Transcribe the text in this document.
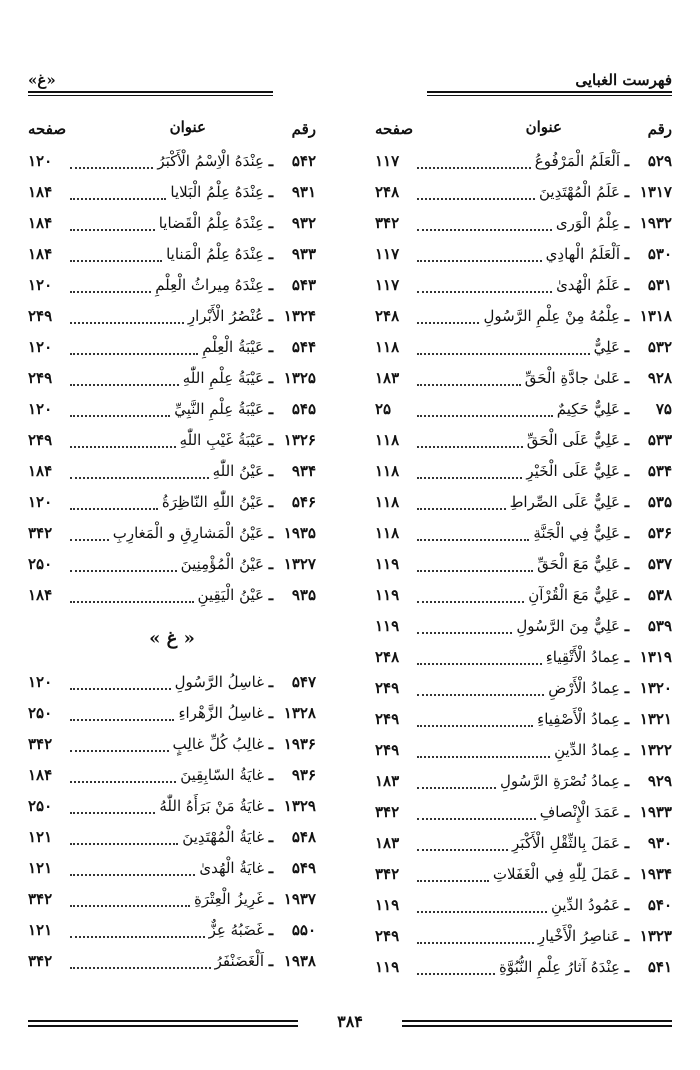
فهرست الغبايى
«غ»
رقم
عنوان
صفحه
۵۲۹
ـ
اَلْعَلَمُ الْمَرْفُوعُ
۱۱۷
۱۳۱۷
ـ
عَلَمُ الْمُهْتَدِينَ
۲۴۸
۱۹۳۲
ـ
عِلْمُ الْوَرى
۳۴۲
۵۳۰
ـ
اَلْعَلَمُ الْهادِي
۱۱۷
۵۳۱
ـ
عَلَمُ الْهُدىٰ
۱۱۷
۱۳۱۸
ـ
عِلْمُهُ مِنْ عِلْمِ الرَّسُولِ
۲۴۸
۵۳۲
ـ
عَلِيٌّ
۱۱۸
۹۲۸
ـ
عَلىٰ جادَّةِ الْحَقِّ
۱۸۳
۷۵
ـ
عَلِيٌّ حَكِيمٌ
۲۵
۵۳۳
ـ
عَلِيٌّ عَلَى الْحَقِّ
۱۱۸
۵۳۴
ـ
عَلِيٌّ عَلَى الْخَيْرِ
۱۱۸
۵۳۵
ـ
عَلِيٌّ عَلَى الصِّراطِ
۱۱۸
۵۳۶
ـ
عَلِيٌّ فِي الْجَنَّةِ
۱۱۸
۵۳۷
ـ
عَلِيٌّ مَعَ الْحَقِّ
۱۱۹
۵۳۸
ـ
عَلِيٌّ مَعَ الْقُرْآنِ
۱۱۹
۵۳۹
ـ
عَلِيٌّ مِنَ الرَّسُولِ
۱۱۹
۱۳۱۹
ـ
عِمادُ الْأَتْقِياءِ
۲۴۸
۱۳۲۰
ـ
عِمادُ الْأَرْضِ
۲۴۹
۱۳۲۱
ـ
عِمادُ الْأَصْفِياءِ
۲۴۹
۱۳۲۲
ـ
عِمادُ الدِّينِ
۲۴۹
۹۲۹
ـ
عِمادُ نُصْرَةِ الرَّسُولِ
۱۸۳
۱۹۳۳
ـ
عَمَدَ الْإِنْصافِ
۳۴۲
۹۳۰
ـ
عَمَلَ بِالثِّقْلِ الْأَكْبَرِ
۱۸۳
۱۹۳۴
ـ
عَمَلَ لِلّٰهِ فِي الْغَفَلاتِ
۳۴۲
۵۴۰
ـ
عَمُودُ الدِّينِ
۱۱۹
۱۳۲۳
ـ
عَناصِرُ الْأَخْيارِ
۲۴۹
۵۴۱
ـ
عِنْدَهُ آثارُ عِلْمِ النُّبُوَّةِ
۱۱۹
رقم
عنوان
صفحه
۵۴۲
ـ
عِنْدَهُ الْاِسْمُ الْأَكْبَرُ
۱۲۰
۹۳۱
ـ
عِنْدَهُ عِلْمُ الْبَلايا
۱۸۴
۹۳۲
ـ
عِنْدَهُ عِلْمُ الْقَضايا
۱۸۴
۹۳۳
ـ
عِنْدَهُ عِلْمُ الْمَنايا
۱۸۴
۵۴۳
ـ
عِنْدَهُ مِيراثُ الْعِلْمِ
۱۲۰
۱۳۲۴
ـ
عُنْصُرُ الْأَبْرارِ
۲۴۹
۵۴۴
ـ
عَيْبَةُ الْعِلْمِ
۱۲۰
۱۳۲۵
ـ
عَيْبَةُ عِلْمِ اللّٰهِ
۲۴۹
۵۴۵
ـ
عَيْبَةُ عِلْمِ النَّبِيِّ
۱۲۰
۱۳۲۶
ـ
عَيْبَةُ غَيْبِ اللّٰهِ
۲۴۹
۹۳۴
ـ
عَيْنُ اللّٰهِ
۱۸۴
۵۴۶
ـ
عَيْنُ اللّٰهِ النّاظِرَةُ
۱۲۰
۱۹۳۵
ـ
عَيْنُ الْمَشارِقِ و الْمَغارِبِ
۳۴۲
۱۳۲۷
ـ
عَيْنُ الْمُؤْمِنِينَ
۲۵۰
۹۳۵
ـ
عَيْنُ الْيَقِينِ
۱۸۴
« غ »
۵۴۷
ـ
غاسِلُ الرَّسُولِ
۱۲۰
۱۳۲۸
ـ
غاسِلُ الزَّهْراءِ
۲۵۰
۱۹۳۶
ـ
غالِبُ كُلِّ غالِبٍ
۳۴۲
۹۳۶
ـ
غايَةُ السّابِقِينَ
۱۸۴
۱۳۲۹
ـ
غايَةُ مَنْ بَرَأَهُ اللّٰهُ
۲۵۰
۵۴۸
ـ
غايَةُ الْمُهْتَدِينَ
۱۲۱
۵۴۹
ـ
غايَةُ الْهُدىٰ
۱۲۱
۱۹۳۷
ـ
غَرِيزُ الْعِتْرَةِ
۳۴۲
۵۵۰
ـ
غَضَبُهُ عِزٌّ
۱۲۱
۱۹۳۸
ـ
اَلْغَضَنْفَرُ
۳۴۲
۳۸۴
